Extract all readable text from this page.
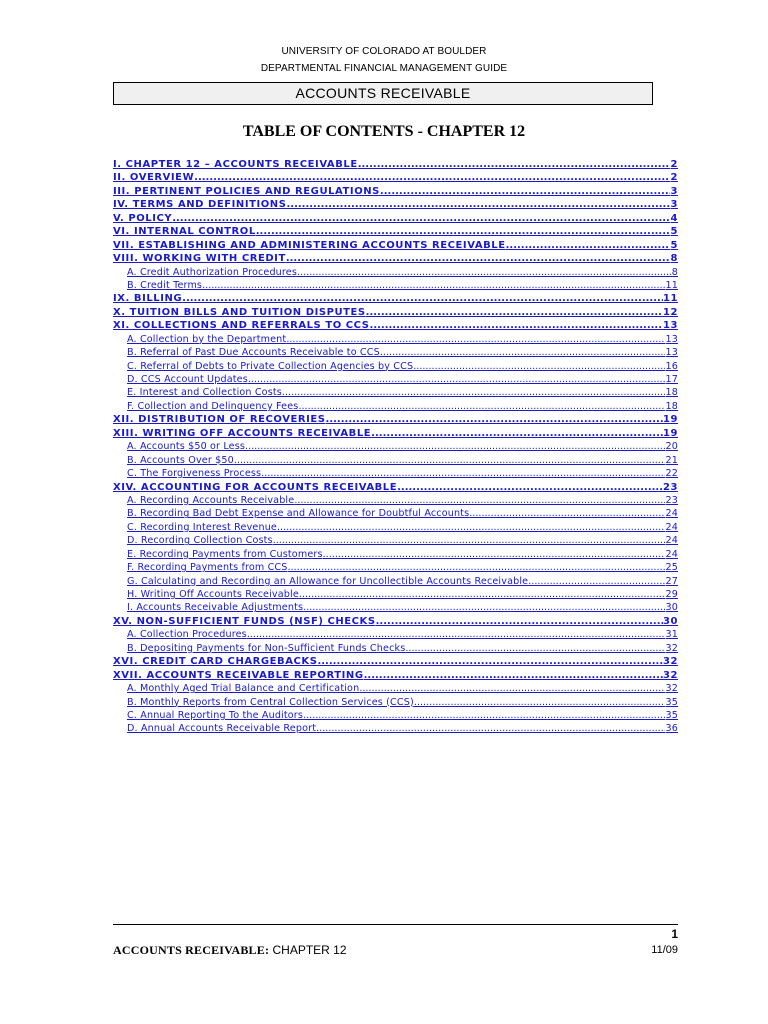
UNIVERSITY OF COLORADO AT BOULDER
DEPARTMENTAL FINANCIAL MANAGEMENT GUIDE
ACCOUNTS RECEIVABLE
TABLE OF CONTENTS - CHAPTER 12
I. CHAPTER 12 – ACCOUNTS RECEIVABLE .....	2
II. OVERVIEW .....	2
III. PERTINENT POLICIES AND REGULATIONS .....	3
IV. TERMS AND DEFINITIONS .....	3
V. POLICY .....	4
VI. INTERNAL CONTROL .....	5
VII. ESTABLISHING AND ADMINISTERING ACCOUNTS RECEIVABLE .....	5
VIII. WORKING WITH CREDIT .....	8
A. Credit Authorization Procedures .....	8
B. Credit Terms .....	11
IX. BILLING .....	11
X. TUITION BILLS AND TUITION DISPUTES .....	12
XI. COLLECTIONS AND REFERRALS TO CCS .....	13
A. Collection by the Department .....	13
B. Referral of Past Due Accounts Receivable to CCS .....	13
C. Referral of Debts to Private Collection Agencies by CCS .....	16
D. CCS Account Updates .....	17
E. Interest and Collection Costs .....	18
F. Collection and Delinquency Fees .....	18
XII. DISTRIBUTION OF RECOVERIES .....	19
XIII. WRITING OFF ACCOUNTS RECEIVABLE .....	19
A. Accounts $50 or Less .....	20
B. Accounts Over $50 .....	21
C. The Forgiveness Process .....	22
XIV. ACCOUNTING FOR ACCOUNTS RECEIVABLE .....	23
A. Recording Accounts Receivable .....	23
B. Recording Bad Debt Expense and Allowance for Doubtful Accounts .....	24
C. Recording Interest Revenue .....	24
D. Recording Collection Costs .....	24
E. Recording Payments from Customers .....	24
F. Recording Payments from CCS .....	25
G. Calculating and Recording an Allowance for Uncollectible Accounts Receivable .....	27
H. Writing Off Accounts Receivable .....	29
I. Accounts Receivable Adjustments .....	30
XV. NON-SUFFICIENT FUNDS (NSF) CHECKS .....	30
A. Collection Procedures .....	31
B. Depositing Payments for Non-Sufficient Funds Checks .....	32
XVI. CREDIT CARD CHARGEBACKS .....	32
XVII. ACCOUNTS RECEIVABLE REPORTING .....	32
A. Monthly Aged Trial Balance and Certification .....	32
B. Monthly Reports from Central Collection Services (CCS) .....	35
C. Annual Reporting To the Auditors .....	35
D. Annual Accounts Receivable Report .....	36
1
ACCOUNTS RECEIVABLE: CHAPTER 12	11/09
